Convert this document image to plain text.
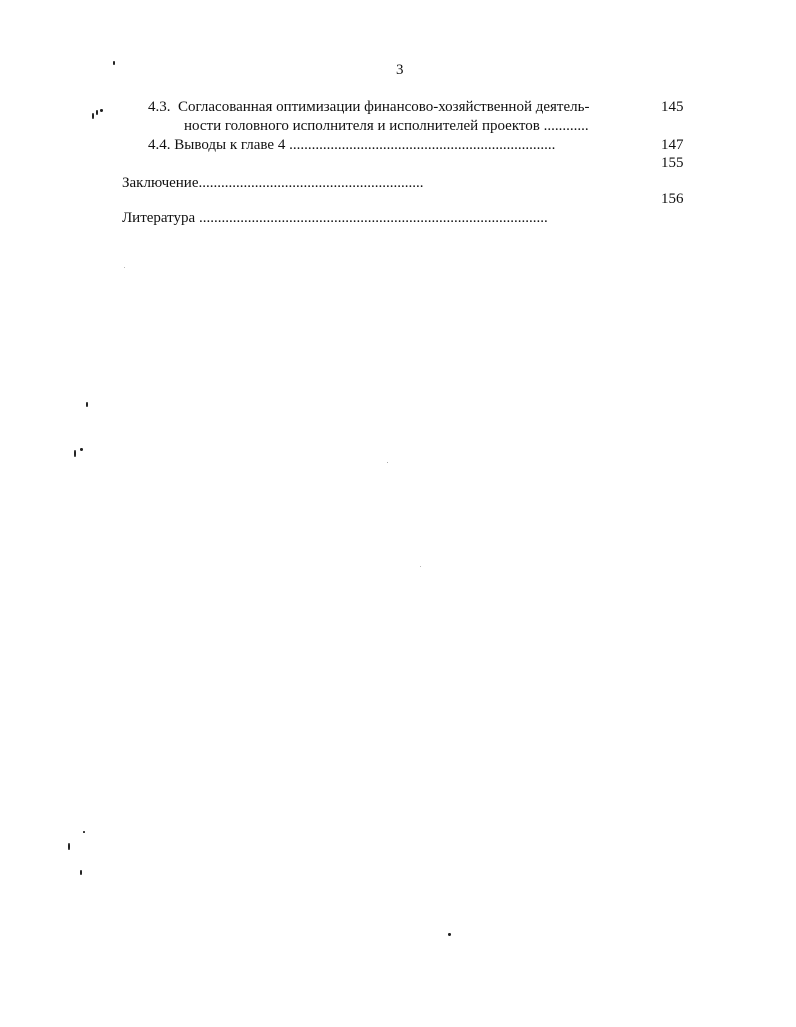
3
4.3. Согласованная оптимизации финансово-хозяйственной деятель-	145
ности головного исполнителя и исполнителей проектов ............
4.4. Выводы к главе 4 .......................................................................	147
155
Заключение............................................................
156
Литература .............................................................................................
